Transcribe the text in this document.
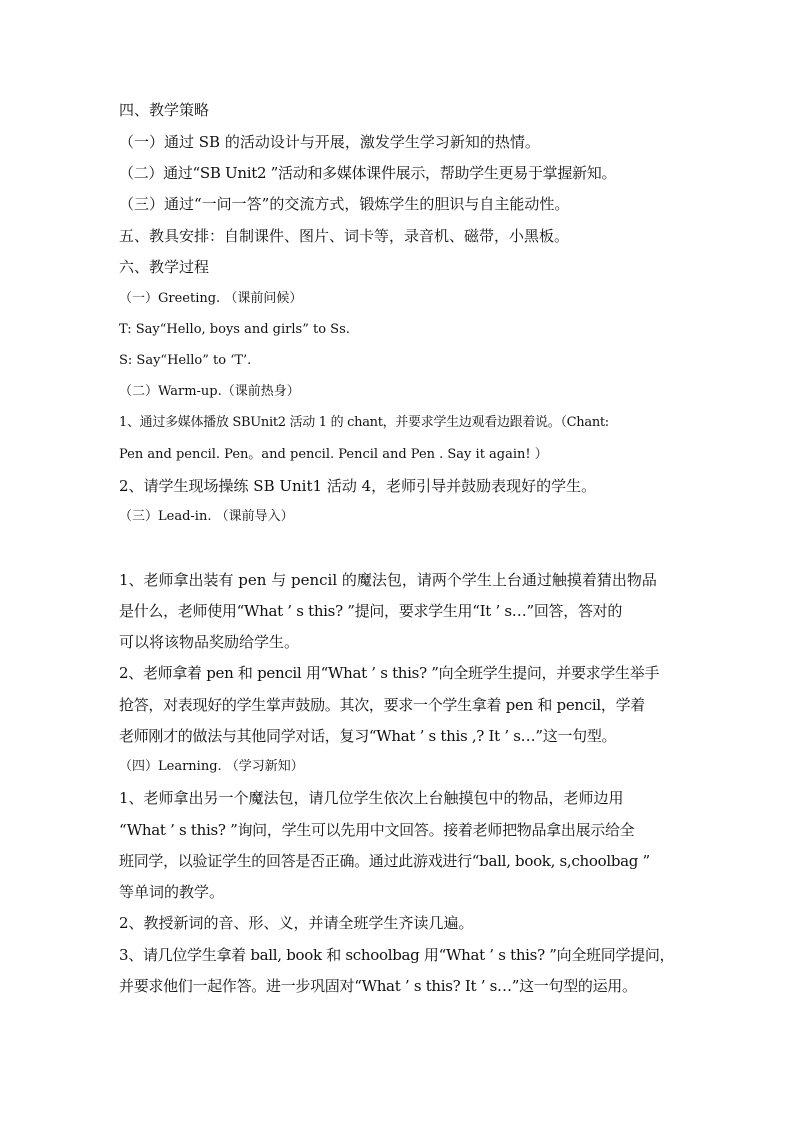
四、教学策略
（一）通过 SB 的活动设计与开展，激发学生学习新知的热情。
（二）通过“SB Unit2 ”活动和多媒体课件展示，帮助学生更易于掌握新知。
（三）通过“一问一答”的交流方式，锻炼学生的胆识与自主能动性。
五、教具安排：自制课件、图片、词卡等，录音机、磁带，小黑板。
六、教学过程
（一）Greeting. （课前问候）
T: Say“Hello, boys and girls” to Ss.
S: Say“Hello” to ‘T’.
（二）Warm-up.（课前热身）
1、通过多媒体播放 SBUnit2 活动 1 的 chant，并要求学生边观看边跟着说。（Chant:
Pen and pencil. Pen。and pencil. Pencil and Pen . Say it again! ）
2、请学生现场操练 SB Unit1 活动 4，老师引导并鼓励表现好的学生。
（三）Lead-in. （课前导入）
1、老师拿出装有 pen 与 pencil 的魔法包，请两个学生上台通过触摸着猜出物品
是什么，老师使用“What ’ s this? ”提问，要求学生用“It ’ s…”回答，答对的
可以将该物品奖励给学生。
2、老师拿着 pen 和 pencil 用“What ’ s this? ”向全班学生提问，并要求学生举手
抢答，对表现好的学生掌声鼓励。其次，要求一个学生拿着 pen 和 pencil，学着
老师刚才的做法与其他同学对话，复习“What ’ s this ,? It ’ s…”这一句型。
（四）Learning. （学习新知）
1、老师拿出另一个魔法包，请几位学生依次上台触摸包中的物品，老师边用
“What ’ s this? ”询问，学生可以先用中文回答。接着老师把物品拿出展示给全
班同学，以验证学生的回答是否正确。通过此游戏进行“ball, book, s,choolbag ”
等单词的教学。
2、教授新词的音、形、义，并请全班学生齐读几遍。
3、请几位学生拿着 ball, book 和 schoolbag 用“What ’ s this? ”向全班同学提问，
并要求他们一起作答。进一步巩固对“What ’ s this? It ’ s…”这一句型的运用。
